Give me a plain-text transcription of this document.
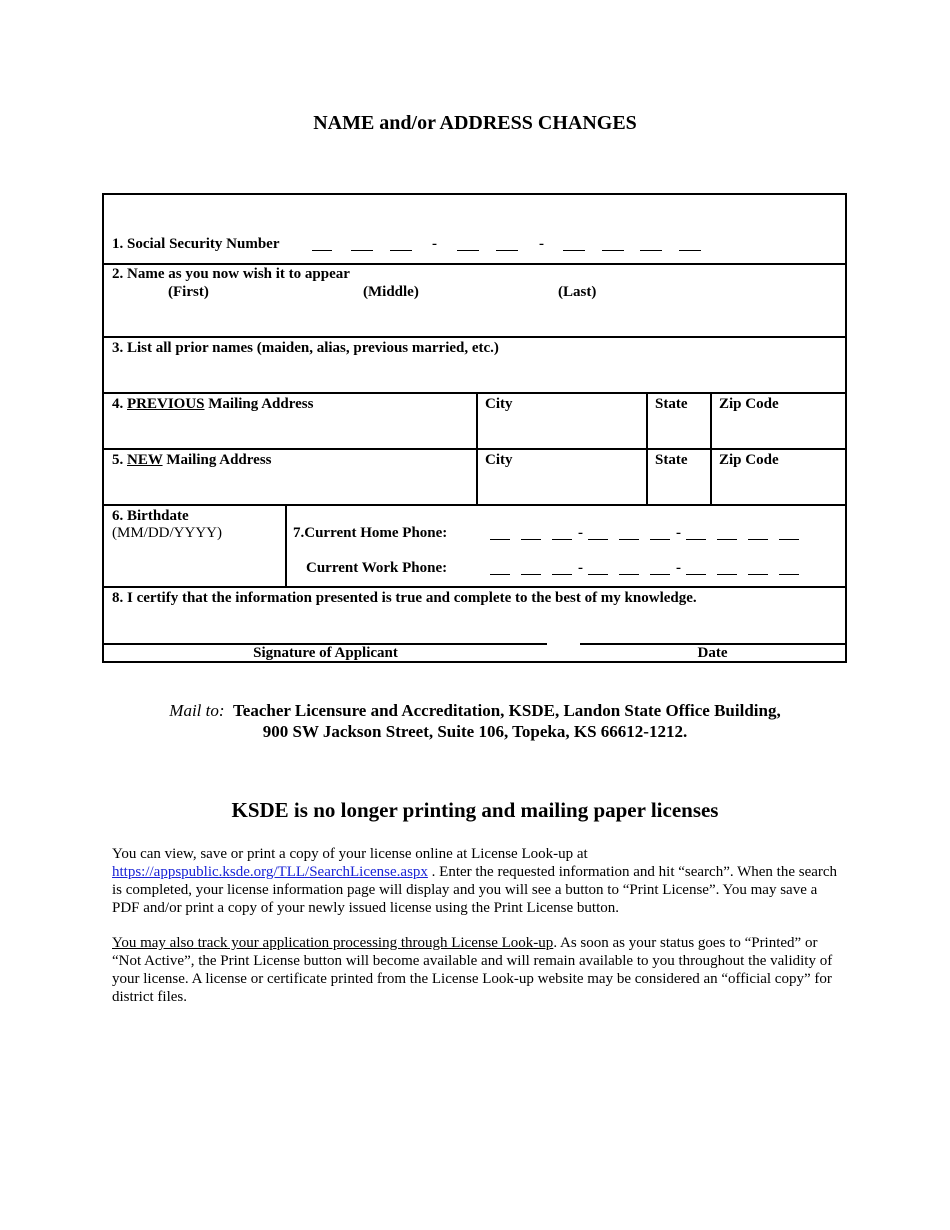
NAME and/or ADDRESS CHANGES
1. Social Security Number	-	-
2. Name as you now wish it to appear
(First)	(Middle)	(Last)
3. List all prior names (maiden, alias, previous married, etc.)
4. PREVIOUS Mailing Address	City	State Zip Code
5. NEW Mailing Address	City	State Zip Code
6. Birthdate
(MM/DD/YYYY)	7.Current Home Phone:	-	-
Current Work Phone:	-	-
8. I certify that the information presented is true and complete to the best of my knowledge.
Signature of Applicant	Date
Mail to: Teacher Licensure and Accreditation, KSDE, Landon State Office Building,
900 SW Jackson Street, Suite 106, Topeka, KS 66612-1212.
KSDE is no longer printing and mailing paper licenses
You can view, save or print a copy of your license online at License Look-up at
https://appspublic.ksde.org/TLL/SearchLicense.aspx . Enter the requested information and hit “search”. When the search is completed, your license information page will display and you will see a button to “Print License”. You may save a PDF and/or print a copy of your newly issued license using the Print License button.
You may also track your application processing through License Look-up. As soon as your status goes to “Printed” or “Not Active”, the Print License button will become available and will remain available to you throughout the validity of your license. A license or certificate printed from the License Look-up website may be considered an “official copy” for district files.
